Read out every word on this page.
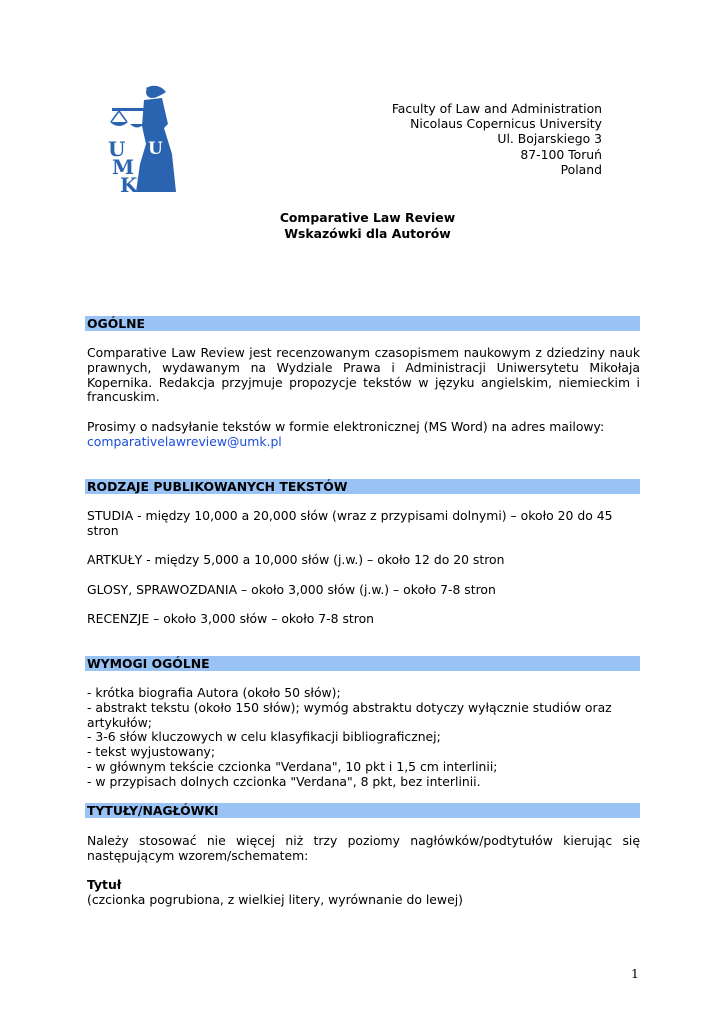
U
U
M
K
Faculty of Law and Administration
Nicolaus Copernicus University
Ul. Bojarskiego 3
87-100 Toruń
Poland
Comparative Law Review
Wskazówki dla Autorów
OGÓLNE
Comparative Law Review jest recenzowanym czasopismem naukowym z dziedziny nauk
prawnych, wydawanym na Wydziale Prawa i Administracji Uniwersytetu Mikołaja
Kopernika. Redakcja przyjmuje propozycje tekstów w języku angielskim, niemieckim i
francuskim.
Prosimy o nadsyłanie tekstów w formie elektronicznej (MS Word) na adres mailowy:
comparativelawreview@umk.pl
RODZAJE PUBLIKOWANYCH TEKSTÓW
STUDIA - między 10,000 a 20,000 słów (wraz z przypisami dolnymi) – około 20 do 45
stron
ARTKUŁY - między 5,000 a 10,000 słów (j.w.) – około 12 do 20 stron
GLOSY, SPRAWOZDANIA – około 3,000 słów (j.w.) – około 7-8 stron
RECENZJE – około 3,000 słów – około 7-8 stron
WYMOGI OGÓLNE
- krótka biografia Autora (około 50 słów);
- abstrakt tekstu (około 150 słów); wymóg abstraktu dotyczy wyłącznie studiów oraz
artykułów;
- 3-6 słów kluczowych w celu klasyfikacji bibliograficznej;
- tekst wyjustowany;
- w głównym tekście czcionka "Verdana", 10 pkt i 1,5 cm interlinii;
- w przypisach dolnych czcionka "Verdana", 8 pkt, bez interlinii.
TYTUŁY/NAGŁÓWKI
Należy stosować nie więcej niż trzy poziomy nagłówków/podtytułów kierując się
następującym wzorem/schematem:
Tytuł
(czcionka pogrubiona, z wielkiej litery, wyrównanie do lewej)
1
